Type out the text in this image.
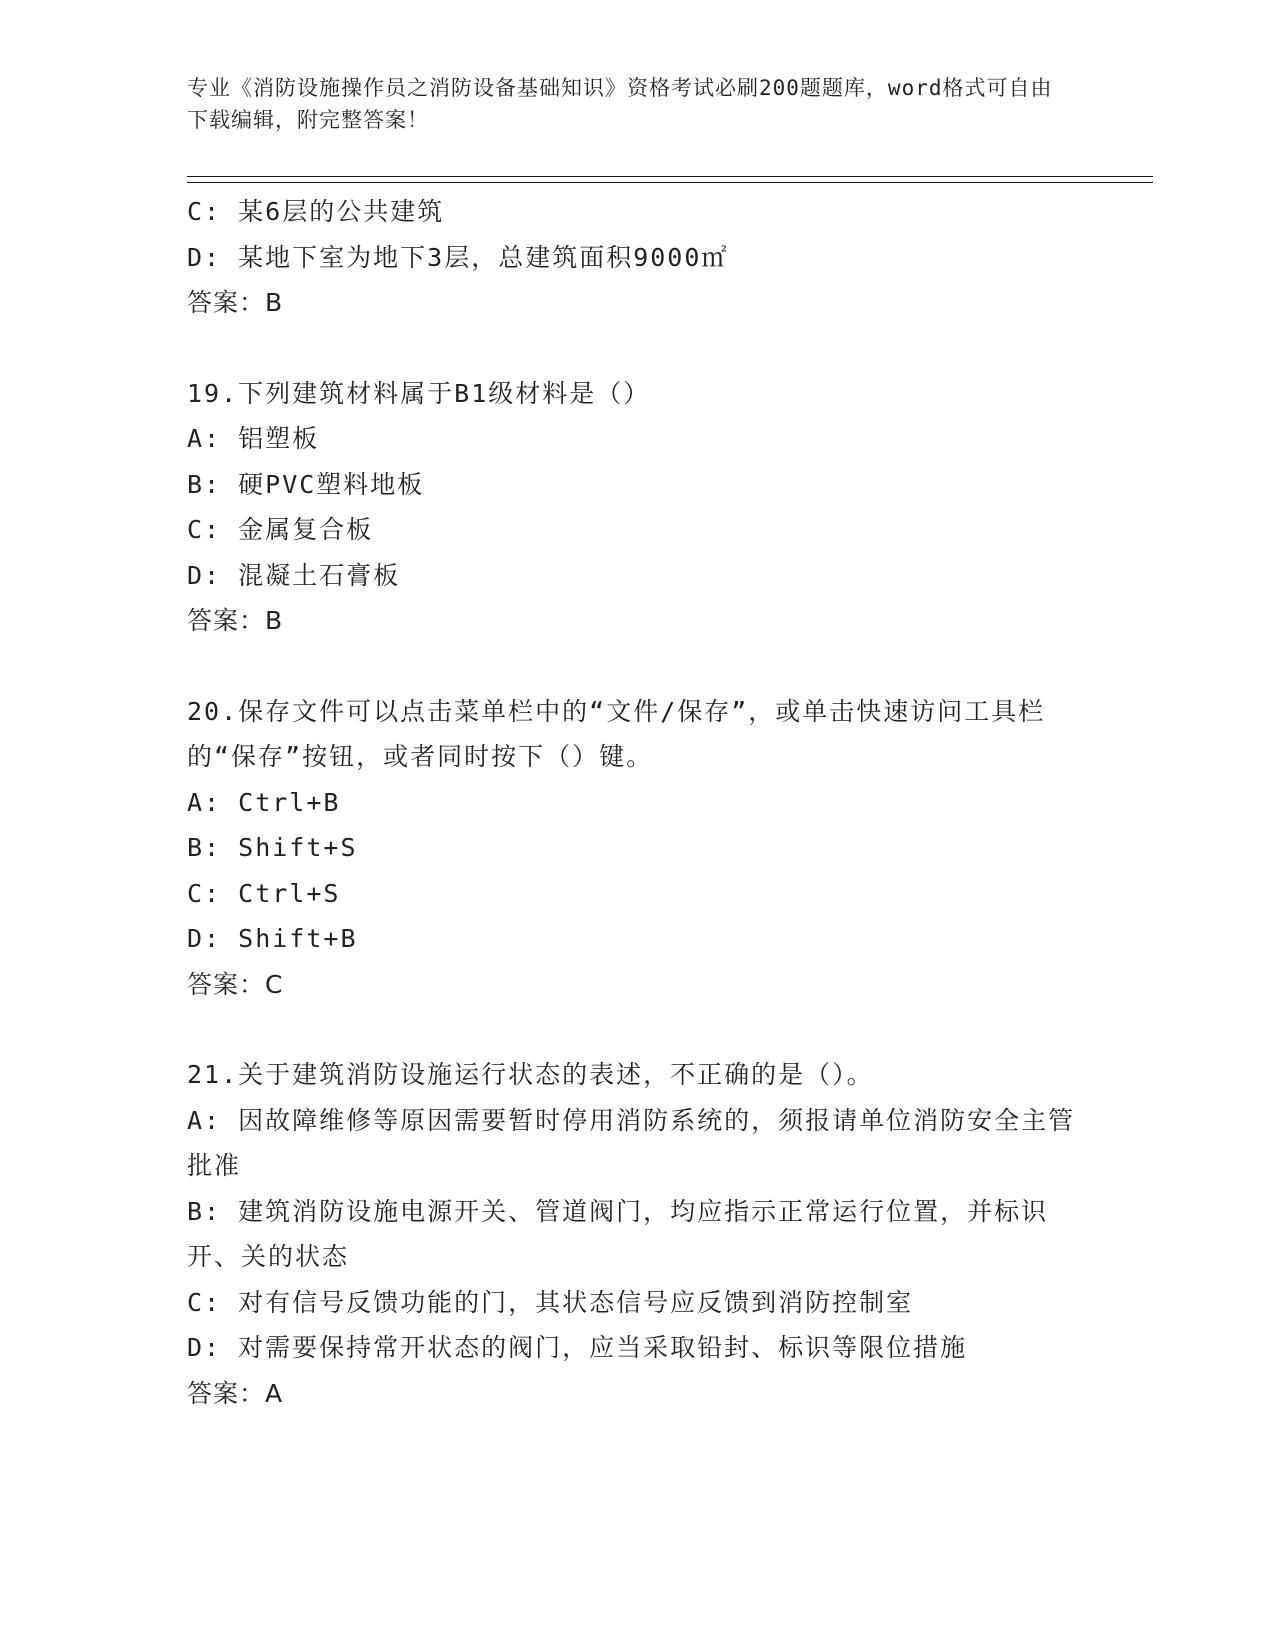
专业《消防设施操作员之消防设备基础知识》资格考试必刷200题题库，word格式可自由下载编辑，附完整答案！
C: 某6层的公共建筑
D: 某地下室为地下3层，总建筑面积9000㎡
答案：B
19.下列建筑材料属于B1级材料是（）
A: 铝塑板
B: 硬PVC塑料地板
C: 金属复合板
D: 混凝土石膏板
答案：B
20.保存文件可以点击菜单栏中的“文件/保存”，或单击快速访问工具栏的“保存”按钮，或者同时按下（）键。
A: Ctrl+B
B: Shift+S
C: Ctrl+S
D: Shift+B
答案：C
21.关于建筑消防设施运行状态的表述，不正确的是（）。
A: 因故障维修等原因需要暂时停用消防系统的，须报请单位消防安全主管批准
B: 建筑消防设施电源开关、管道阀门，均应指示正常运行位置，并标识开、关的状态
C: 对有信号反馈功能的门，其状态信号应反馈到消防控制室
D: 对需要保持常开状态的阀门，应当采取铅封、标识等限位措施
答案：A
